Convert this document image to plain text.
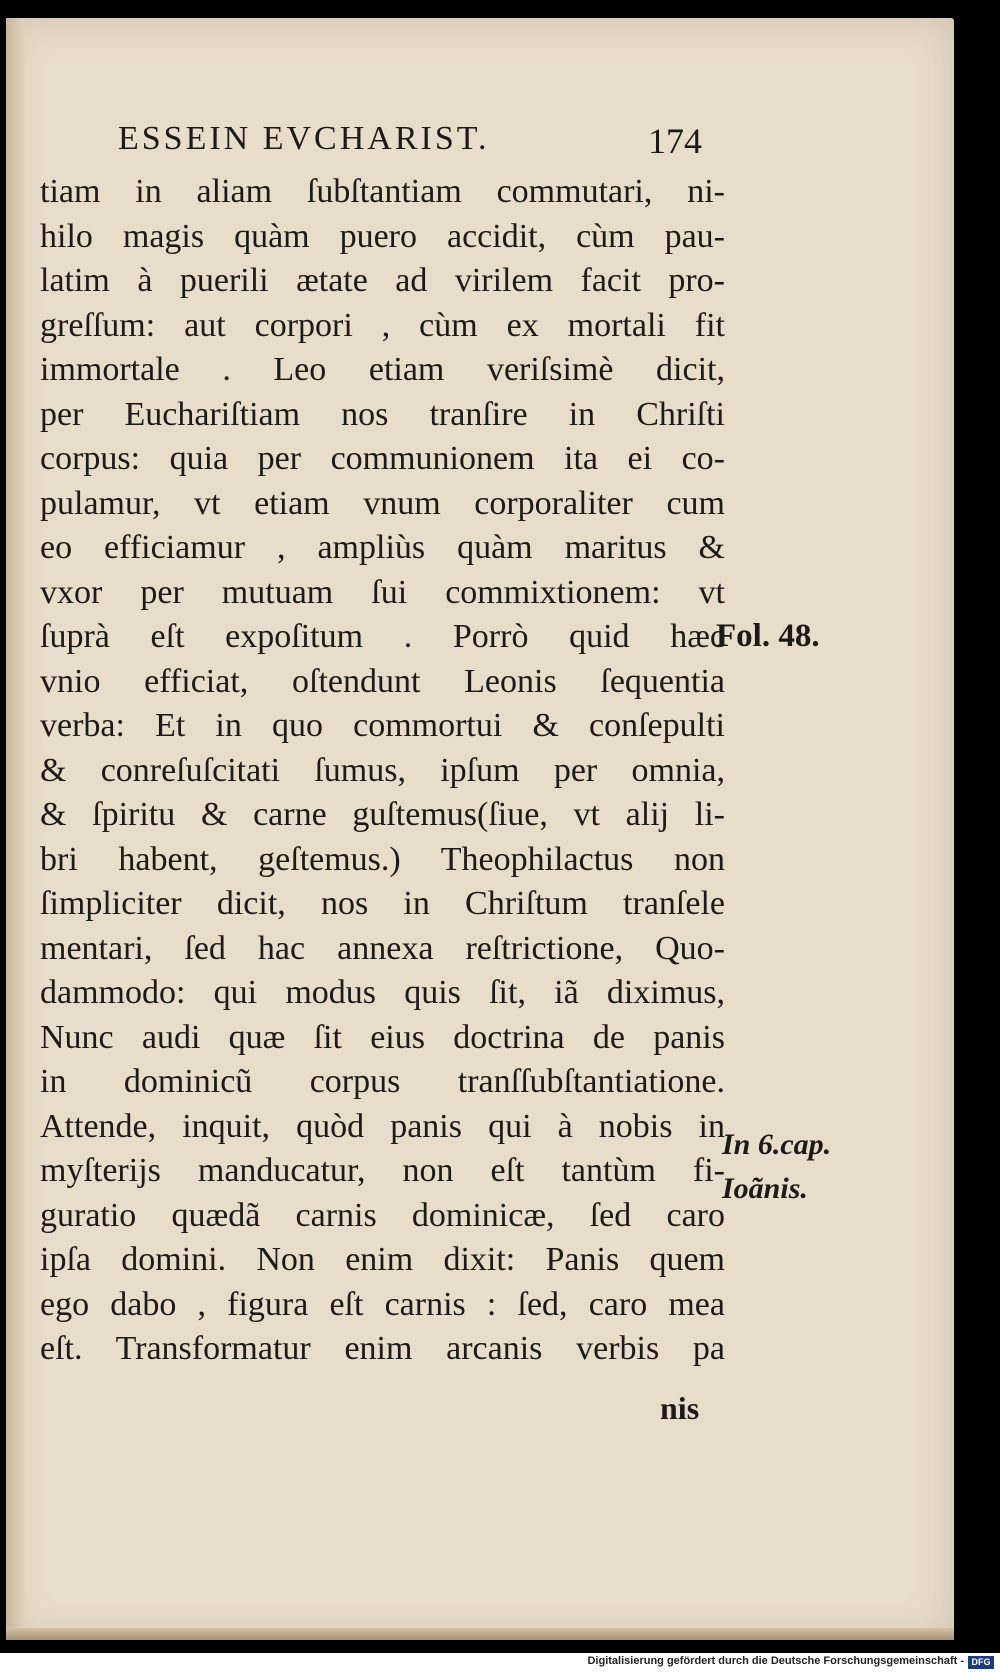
ESSEIN EVCHARIST.	174
tiam in aliam ſubſtantiam commutari, ni-
hilo magis quàm puero accidit, cùm pau-
latim à puerili ætate ad virilem facit pro-
greſſum: aut corpori , cùm ex mortali fit
immortale . Leo etiam veriſsimè dicit,
per Euchariſtiam nos tranſire in Chriſti
corpus: quia per communionem ita ei co-
pulamur, vt etiam vnum corporaliter cum
eo efficiamur , ampliùs quàm maritus &
vxor per mutuam ſui commixtionem: vt
ſuprà eſt expoſitum . Porrò quid hæc
vnio efficiat, oſtendunt Leonis ſequentia
verba: Et in quo commortui & conſepulti
& conreſuſcitati ſumus, ipſum per omnia,
& ſpiritu & carne guſtemus(ſiue, vt alij li-
bri habent, geſtemus.) Theophilactus non
ſimpliciter dicit, nos in Chriſtum tranſele
mentari, ſed hac annexa reſtrictione, Quo-
dammodo: qui modus quis ſit, iã diximus,
Nunc audi quæ ſit eius doctrina de panis
in dominicũ corpus tranſſubſtantiatione.
Attende, inquit, quòd panis qui à nobis in
myſterijs manducatur, non eſt tantùm fi-
guratio quædã carnis dominicæ, ſed caro
ipſa domini. Non enim dixit: Panis quem
ego dabo , figura eſt carnis : ſed, caro mea
eſt. Transformatur enim arcanis verbis pa
nis
Fol. 48.
In 6.cap.
Ioãnis.
Digitalisierung gefördert durch die Deutsche Forschungsgemeinschaft - DFG
